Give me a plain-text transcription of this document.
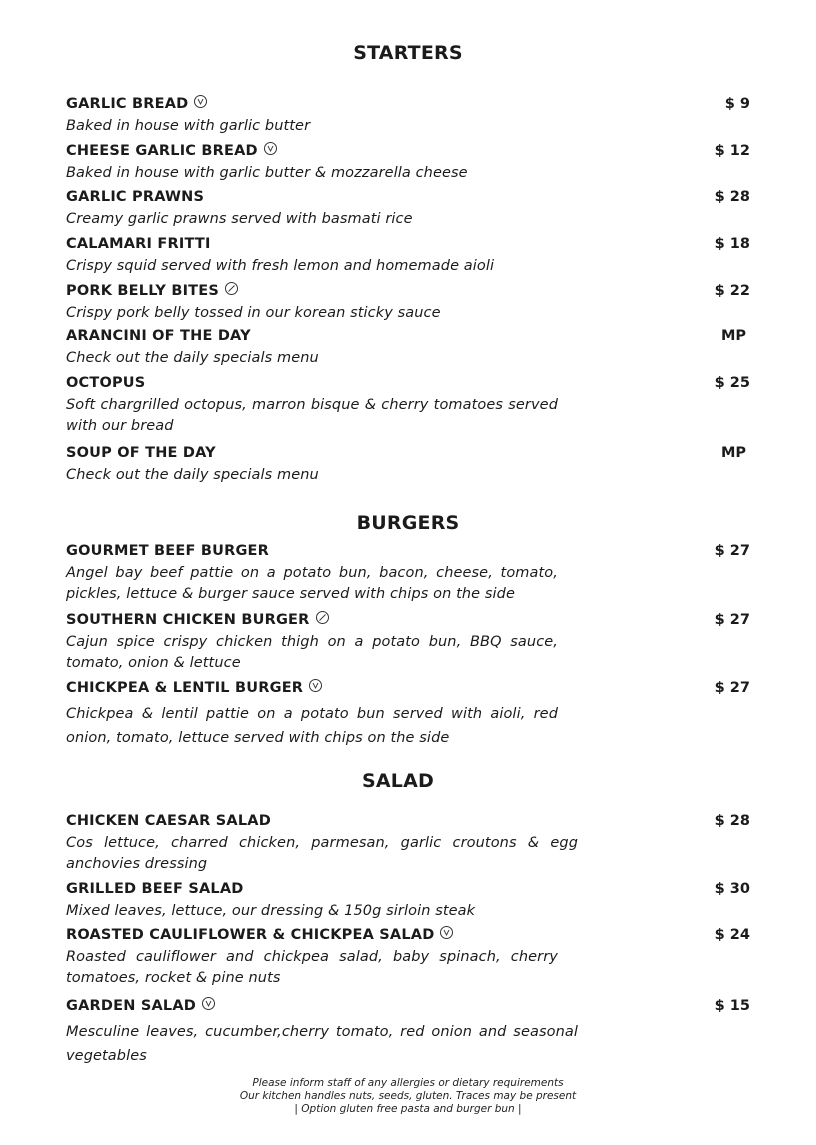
STARTERS
GARLIC BREAD
Baked in house with garlic butter
$ 9
CHEESE GARLIC BREAD
Baked in house with garlic butter & mozzarella cheese
$ 12
GARLIC PRAWNS
Creamy garlic prawns served with basmati rice
$ 28
CALAMARI FRITTI
Crispy squid served with fresh lemon and homemade aioli
$ 18
PORK BELLY BITES
Crispy pork belly tossed in our korean sticky sauce
$ 22
ARANCINI OF THE DAY
Check out the daily specials menu
MP
OCTOPUS
Soft chargrilled octopus, marron bisque & cherry tomatoes served with our bread
$ 25
SOUP OF THE DAY
Check out the daily specials menu
MP
BURGERS
GOURMET BEEF BURGER
Angel bay beef pattie on a potato bun, bacon, cheese, tomato, pickles, lettuce & burger sauce served with chips on the side
$ 27
SOUTHERN CHICKEN BURGER
Cajun spice crispy chicken thigh on a potato bun, BBQ sauce, tomato, onion & lettuce
$ 27
CHICKPEA & LENTIL BURGER
Chickpea & lentil pattie on a potato bun served with aioli, red onion, tomato, lettuce served with chips on the side
$ 27
SALAD
CHICKEN CAESAR SALAD
Cos lettuce, charred chicken, parmesan, garlic croutons & egg anchovies dressing
$ 28
GRILLED BEEF SALAD
Mixed leaves, lettuce, our dressing & 150g sirloin steak
$ 30
ROASTED CAULIFLOWER & CHICKPEA SALAD
Roasted cauliflower and chickpea salad, baby spinach, cherry tomatoes, rocket & pine nuts
$ 24
GARDEN SALAD
Mesculine leaves, cucumber,cherry tomato, red onion and seasonal vegetables
$ 15
Please inform staff of any allergies or dietary requirements
Our kitchen handles nuts, seeds, gluten. Traces may be present
| Option gluten free pasta and burger bun |
